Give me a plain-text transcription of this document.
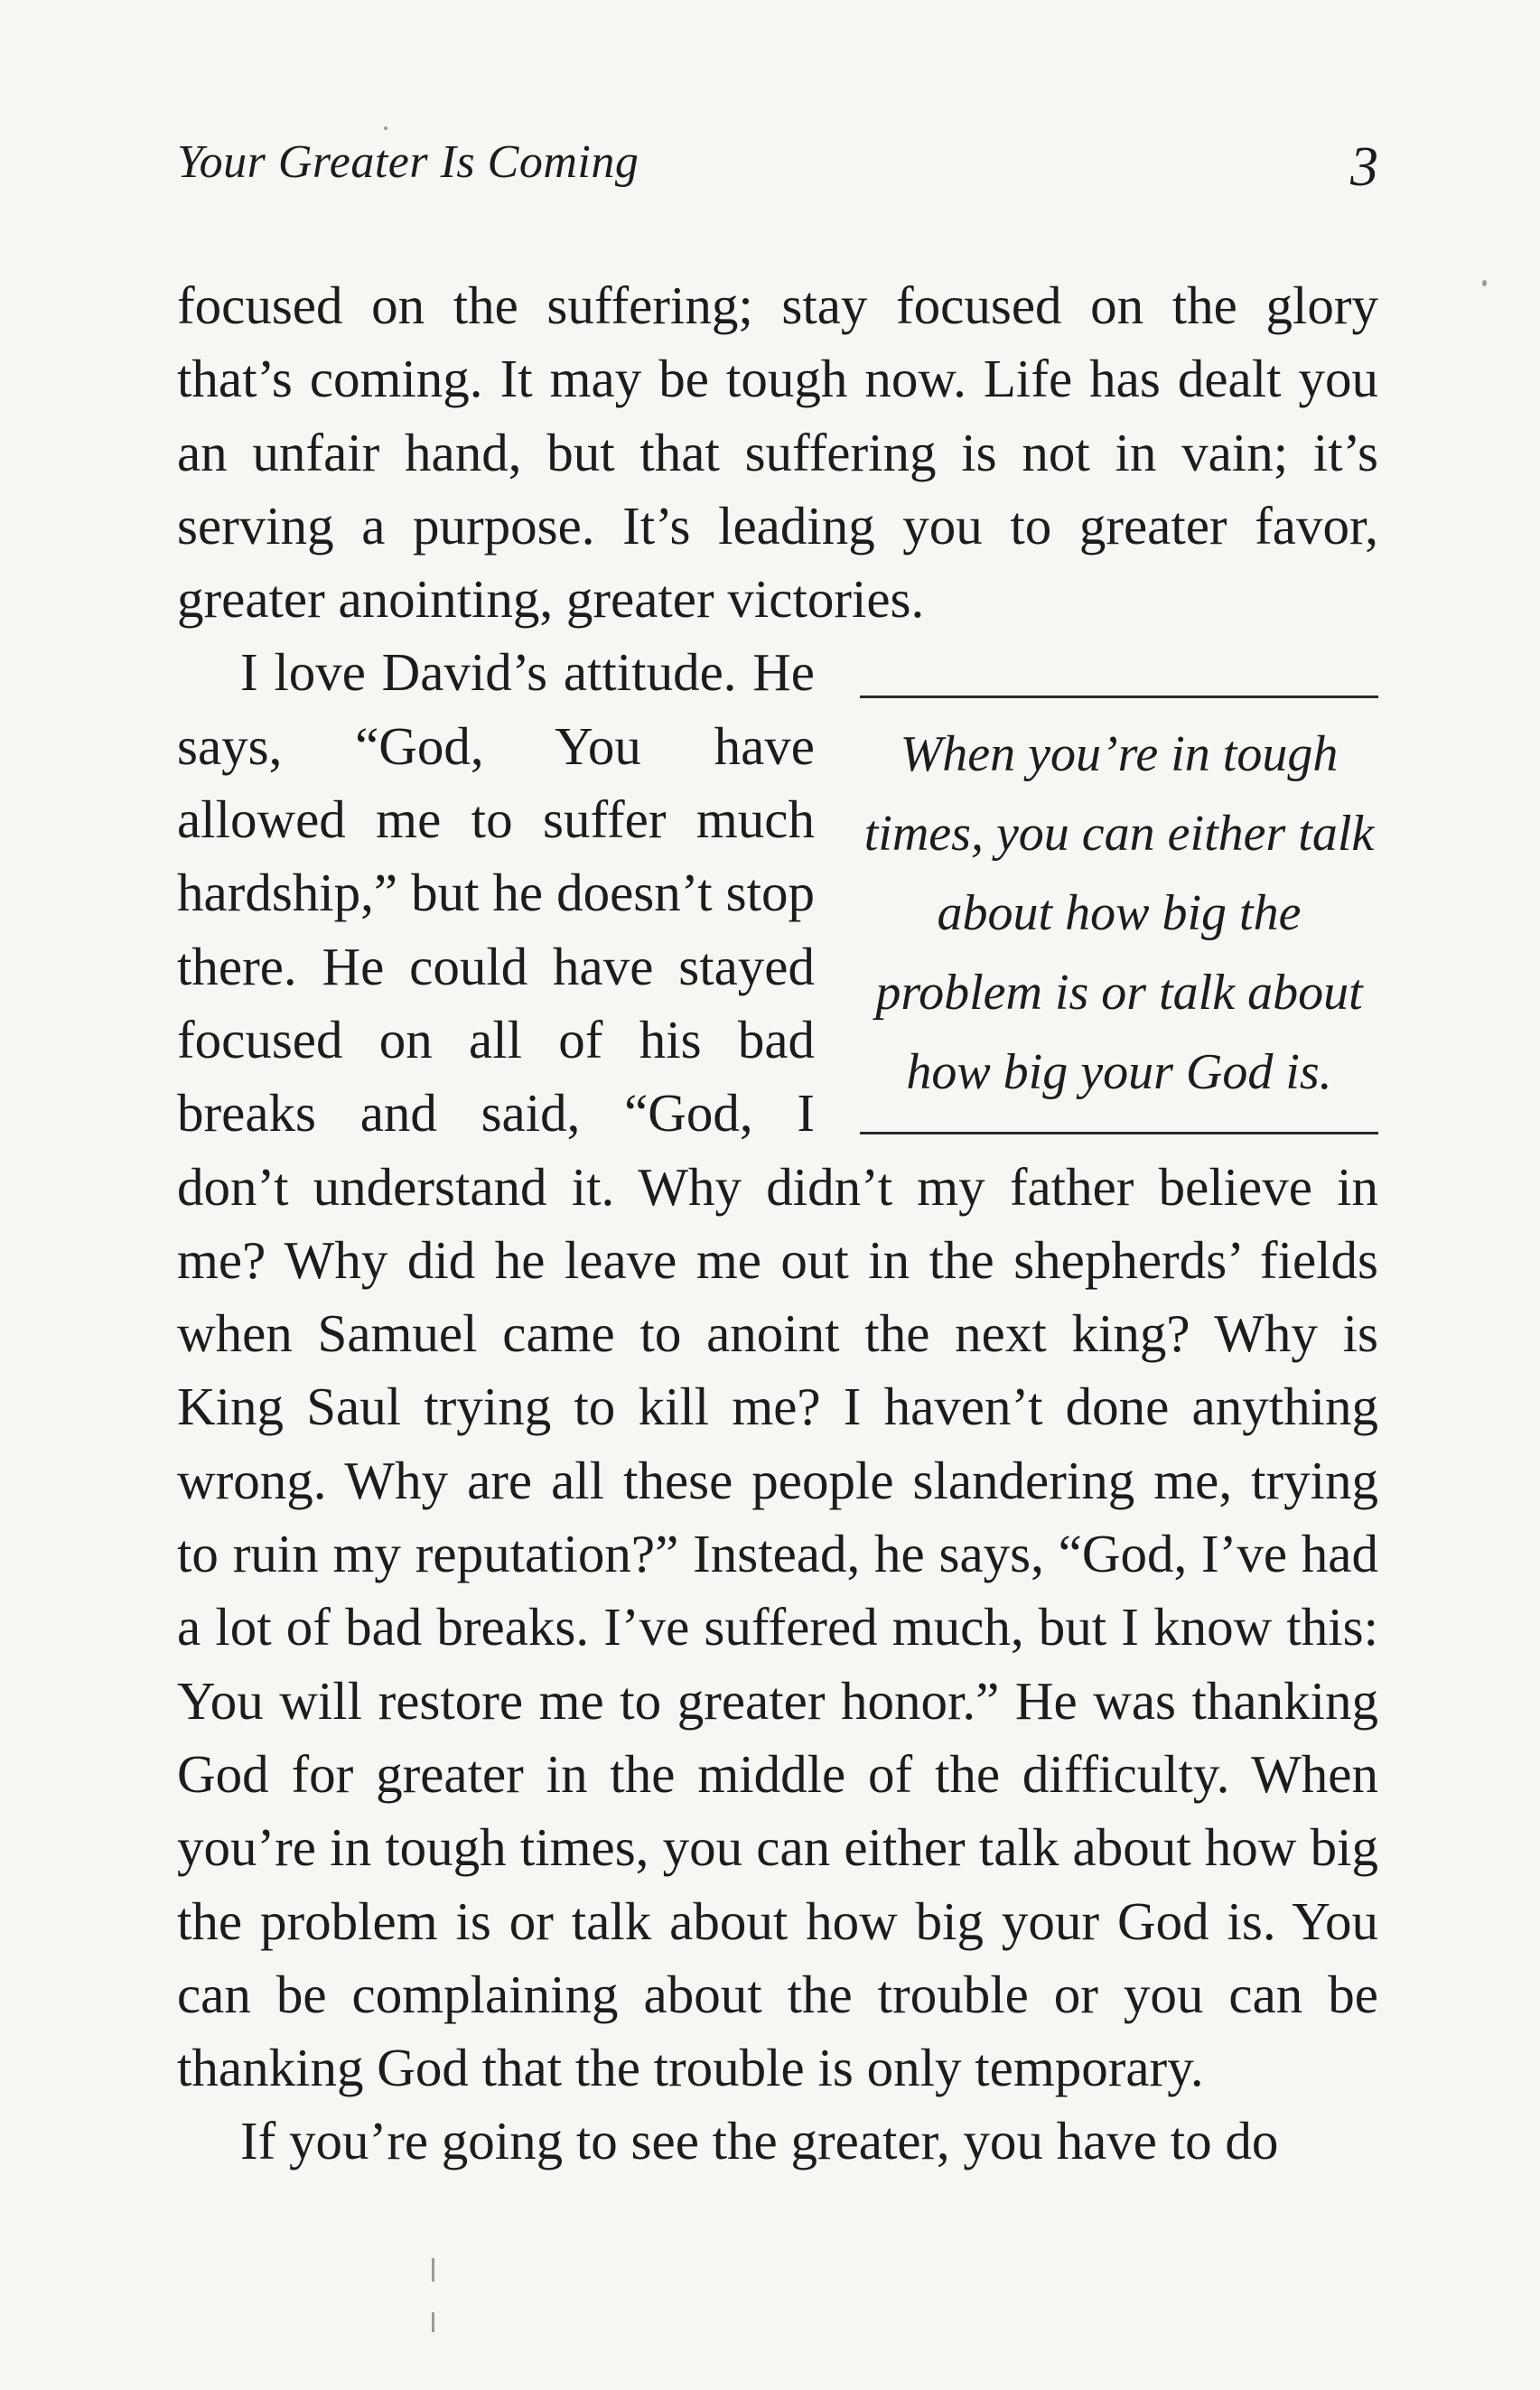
Your Greater Is Coming	3

focused on the suffering; stay focused on the glory that’s coming. It may be tough now. Life has dealt you an unfair hand, but that suffering is not in vain; it’s serving a purpose. It’s leading you to greater favor, greater anointing, greater victories.

When you’re in tough times, you can either talk about how big the problem is or talk about how big your God is.
I love David’s attitude. He says, “God, You have allowed me to suffer much hardship,” but he doesn’t stop there. He could have stayed focused on all of his bad breaks and said, “God, I don’t understand it. Why didn’t my father believe in me? Why did he leave me out in the shepherds’ fields when Samuel came to anoint the next king? Why is King Saul trying to kill me? I haven’t done anything wrong. Why are all these people slandering me, trying to ruin my reputation?” Instead, he says, “God, I’ve had a lot of bad breaks. I’ve suffered much, but I know this: You will restore me to greater honor.” He was thanking God for greater in the middle of the difficulty. When you’re in tough times, you can either talk about how big the problem is or talk about how big your God is. You can be complaining about the trouble or you can be thanking God that the trouble is only temporary.

If you’re going to see the greater, you have to do
